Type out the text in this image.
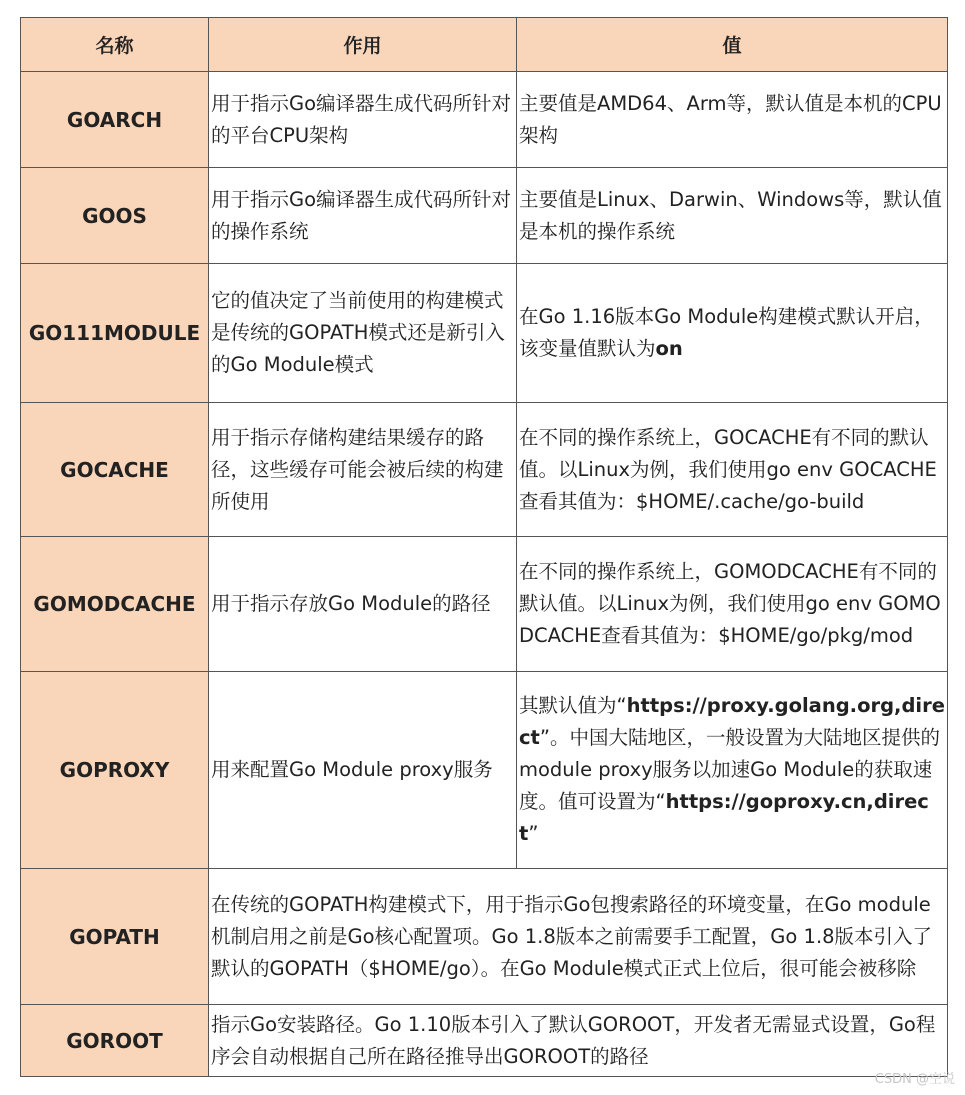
名称	作用	值
GOARCH	用于指示Go编译器生成代码所针对的平台CPU架构	主要值是AMD64、Arm等，默认值是本机的CPU架构
GOOS	用于指示Go编译器生成代码所针对的操作系统	主要值是Linux、Darwin、Windows等，默认值是本机的操作系统
GO111MODULE	它的值决定了当前使用的构建模式是传统的GOPATH模式还是新引入的Go Module模式	在Go 1.16版本Go Module构建模式默认开启，该变量值默认为on
GOCACHE	用于指示存储构建结果缓存的路径，这些缓存可能会被后续的构建所使用	在不同的操作系统上，GOCACHE有不同的默认值。以Linux为例，我们使用go env GOCACHE查看其值为：$HOME/.cache/go-build
GOMODCACHE	用于指示存放Go Module的路径	在不同的操作系统上，GOMODCACHE有不同的默认值。以Linux为例，我们使用go env GOMODCACHE查看其值为：$HOME/go/pkg/mod
GOPROXY	用来配置Go Module proxy服务	其默认值为“https://proxy.golang.org,direct”。中国大陆地区，一般设置为大陆地区提供的module proxy服务以加速Go Module的获取速度。值可设置为“https://goproxy.cn,direct”
GOPATH	在传统的GOPATH构建模式下，用于指示Go包搜索路径的环境变量，在Go module机制启用之前是Go核心配置项。Go 1.8版本之前需要手工配置，Go 1.8版本引入了默认的GOPATH（$HOME/go）。在Go Module模式正式上位后，很可能会被移除	
GOROOT	指示Go安装路径。Go 1.10版本引入了默认GOROOT，开发者无需显式设置，Go程序会自动根据自己所在路径推导出GOROOT的路径	
CSDN @空说
